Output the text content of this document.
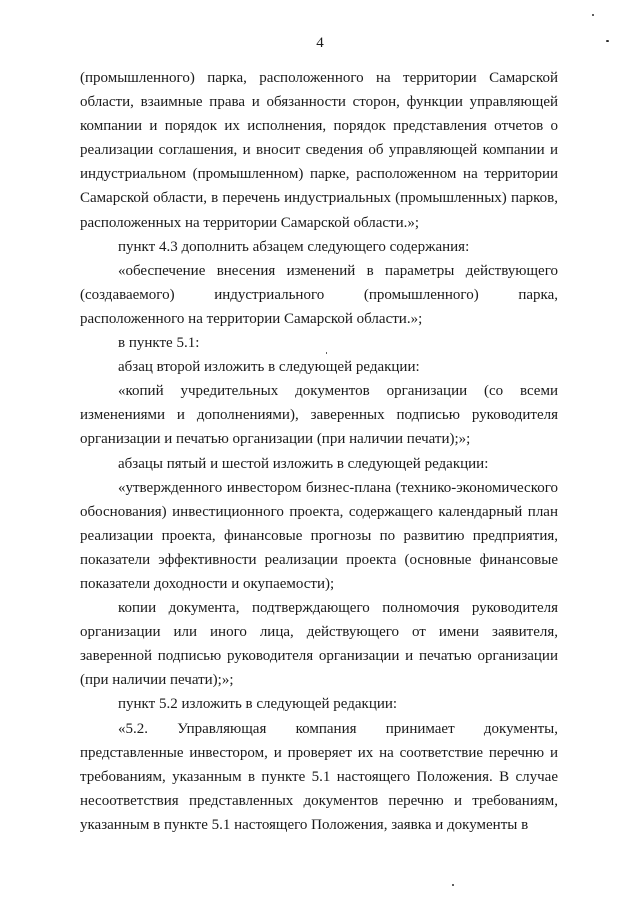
4

(промышленного) парка, расположенного на территории Самарской области, взаимные права и обязанности сторон, функции управляющей компании и порядок их исполнения, порядок представления отчетов о реализации соглашения, и вносит сведения об управляющей компании и индустриальном (промышленном) парке, расположенном на территории Самарской области, в перечень индустриальных (промышленных) парков, расположенных на территории Самарской области.»;

пункт 4.3 дополнить абзацем следующего содержания:

«обеспечение внесения изменений в параметры действующего (создаваемого) индустриального (промышленного) парка, расположенного на территории Самарской области.»;

в пункте 5.1:

абзац второй изложить в следующей редакции:

«копий учредительных документов организации (со всеми изменениями и дополнениями), заверенных подписью руководителя организации и печатью организации (при наличии печати);»;

абзацы пятый и шестой изложить в следующей редакции:

«утвержденного инвестором бизнес-плана (технико-экономического обоснования) инвестиционного проекта, содержащего календарный план реализации проекта, финансовые прогнозы по развитию предприятия, показатели эффективности реализации проекта (основные финансовые показатели доходности и окупаемости);

копии документа, подтверждающего полномочия руководителя организации или иного лица, действующего от имени заявителя, заверенной подписью руководителя организации и печатью организации (при наличии печати);»;

пункт 5.2 изложить в следующей редакции:

«5.2. Управляющая компания принимает документы, представленные инвестором, и проверяет их на соответствие перечню и требованиям, указанным в пункте 5.1 настоящего Положения. В случае несоответствия представленных документов перечню и требованиям, указанным в пункте 5.1 настоящего Положения, заявка и документы в
